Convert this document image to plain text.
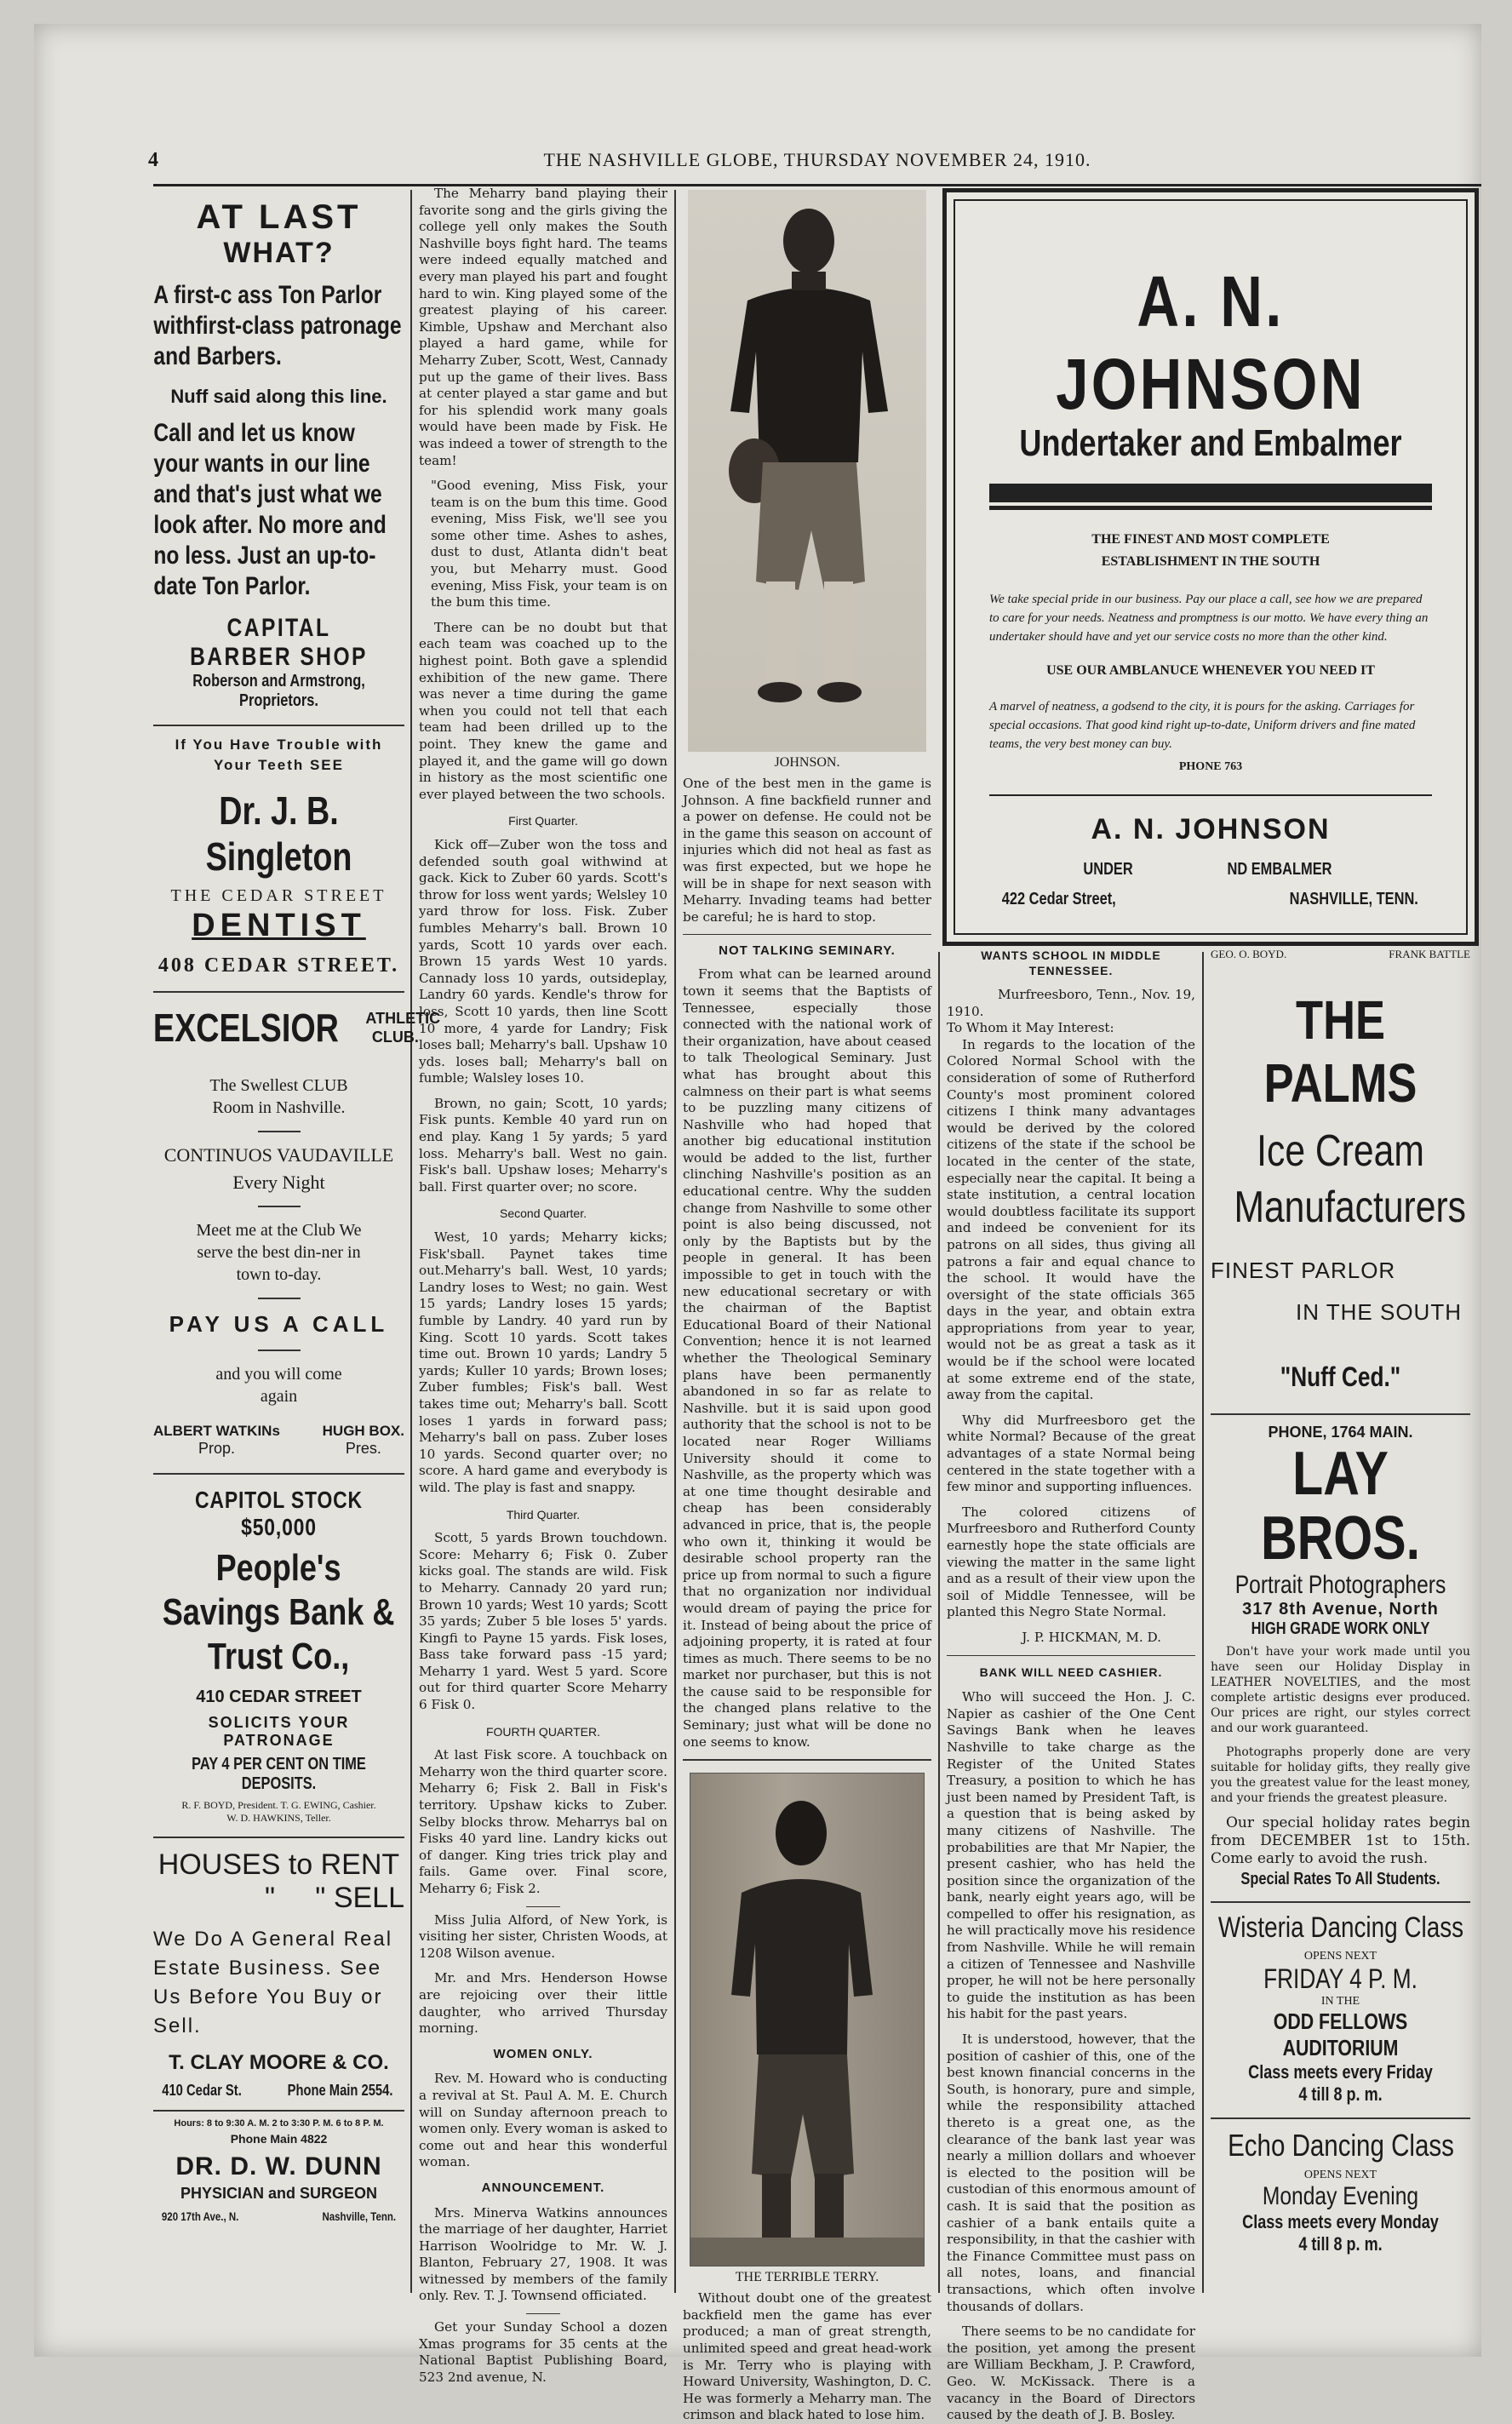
4	THE NASHVILLE GLOBE, THURSDAY NOVEMBER 24, 1910.
AT LAST
WHAT?
A first-c ass Ton Parlor withfirst-class patronage and Barbers.
Nuff said along this line.
Call and let us know your wants in our line and that's just what we look after. No more and no less. Just an up-to-date Ton Parlor.
CAPITAL BARBER SHOP
Roberson and Armstrong, Proprietors.
If You Have Trouble with Your Teeth SEE
Dr. J. B. Singleton
THE CEDAR STREET
DENTIST
408 CEDAR STREET.
EXCELSIOR ATHLETIC CLUB.
The Swellest CLUB Room in Nashville.
CONTINUOS VAUDAVILLE
Every Night
Meet me at the Club We serve the best din-ner in town to-day.
PAY US A CALL
and you will come again
ALBERT WATKINs
Prop.
HUGH BOX.
Pres.
CAPITOL STOCK $50,000
People's Savings Bank & Trust Co.,
410 CEDAR STREET
SOLICITS YOUR PATRONAGE
PAY 4 PER CENT ON TIME DEPOSITS.
R. F. BOYD, President. T. G. EWING, Cashier.
W. D. HAWKINS, Teller.
HOUSES to RENT
"     " SELL
We Do A General Real Estate Business. See Us Before You Buy or Sell.
T. CLAY MOORE & CO.
410 Cedar St.	Phone Main 2554.
Hours: 8 to 9:30 A. M. 2 to 3:30 P. M. 6 to 8 P. M.
Phone Main 4822
DR. D. W. DUNN
PHYSICIAN and SURGEON
920 17th Ave., N.	Nashville, Tenn.

The Meharry band playing their favorite song and the girls giving the college yell only makes the South Nashville boys fight hard. The teams were indeed equally matched and every man played his part and fought hard to win. King played some of the greatest playing of his career. Kimble, Upshaw and Merchant also played a hard game, while for Meharry Zuber, Scott, West, Cannady put up the game of their lives. Bass at center played a star game and but for his splendid work many goals would have been made by Fisk. He was indeed a tower of strength to the team!

"Good evening, Miss Fisk, your team is on the bum this time. Good evening, Miss Fisk, we'll see you some other time. Ashes to ashes, dust to dust, Atlanta didn't beat you, but Meharry must. Good evening, Miss Fisk, your team is on the bum this time.

There can be no doubt but that each team was coached up to the highest point. Both gave a splendid exhibition of the new game. There was never a time during the game when you could not tell that each team had been drilled up to the point. They knew the game and played it, and the game will go down in history as the most scientific one ever played between the two schools.

First Quarter.

Kick off—Zuber won the toss and defended south goal withwind at gack. Kick to Zuber 60 yards. Scott's throw for loss went yards; Welsley 10 yard throw for loss. Fisk. Zuber fumbles Meharry's ball. Brown 10 yards, Scott 10 yards over each. Brown 15 yards West 10 yards. Cannady loss 10 yards, outsideplay, Landry 60 yards. Kendle's throw for loss, Scott 10 yards, then line Scott 10 more, 4 yarde for Landry; Fisk loses ball; Meharry's ball. Upshaw 10 yds. loses ball; Meharry's ball on fumble; Walsley loses 10.

Brown, no gain; Scott, 10 yards; Fisk punts. Kemble 40 yard run on end play. Kang 1 5y yards; 5 yard loss. Meharry's ball. West no gain. Fisk's ball. Upshaw loses; Meharry's ball. First quarter over; no score.

Second Quarter.

West, 10 yards; Meharry kicks; Fisk'sball. Paynet takes time out.Meharry's ball. West, 10 yards; Landry loses to West; no gain. West 15 yards; Landry loses 15 yards; fumble by Landry. 40 yard run by King. Scott 10 yards. Scott takes time out. Brown 10 yards; Landry 5 yards; Kuller 10 yards; Brown loses; Zuber fumbles; Fisk's ball. West takes time out; Meharry's ball. Scott loses 1 yards in forward pass; Meharry's ball on pass. Zuber loses 10 yards. Second quarter over; no score. A hard game and everybody is wild. The play is fast and snappy.

Third Quarter.

Scott, 5 yards Brown touchdown. Score: Meharry 6; Fisk 0. Zuber kicks goal. The stands are wild. Fisk to Meharry. Cannady 20 yard run; Brown 10 yards; West 10 yards; Scott 35 yards; Zuber 5 ble loses 5' yards. Kingfi to Payne 15 yards. Fisk loses, Bass take forward pass -15 yard; Meharry 1 yard. West 5 yard. Score out for third quarter Score Meharry 6 Fisk 0.

FOURTH QUARTER.

At last Fisk score. A touchback on Meharry won the third quarter score. Meharry 6; Fisk 2. Ball in Fisk's territory. Upshaw kicks to Zuber. Selby blocks throw. Meharrys bal on Fisks 40 yard line. Landry kicks out of danger. King tries trick play and fails. Game over. Final score, Meharry 6; Fisk 2.

Miss Julia Alford, of New York, is visiting her sister, Christen Woods, at 1208 Wilson avenue.

Mr. and Mrs. Henderson Howse are rejoicing over their little daughter, who arrived Thursday morning.

WOMEN ONLY.

Rev. M. Howard who is conducting a revival at St. Paul A. M. E. Church will on Sunday afternoon preach to women only. Every woman is asked to come out and hear this wonderful woman.

ANNOUNCEMENT.

Mrs. Minerva Watkins announces the marriage of her daughter, Harriet Harrison Woolridge to Mr. W. J. Blanton, February 27, 1908. It was witnessed by members of the family only. Rev. T. J. Townsend officiated.

Get your Sunday School a dozen Xmas programs for 35 cents at the National Baptist Publishing Board, 523 2nd avenue, N.

JOHNSON.

One of the best men in the game is Johnson. A fine backfield runner and a power on defense. He could not be in the game this season on account of injuries which did not heal as fast as was first expected, but we hope he will be in shape for next season with Meharry. Invading teams had better be careful; he is hard to stop.

NOT TALKING SEMINARY.

From what can be learned around town it seems that the Baptists of Tennessee, especially those connected with the national work of their organization, have about ceased to talk Theological Seminary. Just what has brought about this calmness on their part is what seems to be puzzling many citizens of Nashville who had hoped that another big educational institution would be added to the list, further clinching Nashville's position as an educational centre. Why the sudden change from Nashville to some other point is also being discussed, not only by the Baptists but by the people in general. It has been impossible to get in touch with the new educational secretary or with the chairman of the Baptist Educational Board of their National Convention; hence it is not learned whether the Theological Seminary plans have been permanently abandoned in so far as relate to Nashville. but it is said upon good authority that the school is not to be located near Roger Williams University should it come to Nashville, as the property which was at one time thought desirable and cheap has been considerably advanced in price, that is, the people who own it, thinking it would be desirable school property ran the price up from normal to such a figure that no organization nor individual would dream of paying the price for it. Instead of being about the price of adjoining property, it is rated at four times as much. There seems to be no market nor purchaser, but this is not the cause said to be responsible for the changed plans relative to the Seminary; just what will be done no one seems to know.

THE TERRIBLE TERRY.

Without doubt one of the greatest backfield men the game has ever produced; a man of great strength, unlimited speed and great head-work is Mr. Terry who is playing with Howard University, Washington, D. C. He was formerly a Meharry man. The crimson and black hated to lose him.

A. N. JOHNSON
Undertaker and Embalmer
THE FINEST AND MOST COMPLETE ESTABLISHMENT IN THE SOUTH
We take special pride in our business. Pay our place a call, see how we are prepared to care for your needs. Neatness and promptness is our motto. We have every thing an undertaker should have and yet our service costs no more than the other kind.
USE OUR AMBLANUCE WHENEVER YOU NEED IT
A marvel of neatness, a godsend to the city, it is pours for the asking. Carriages for special occasions. That good kind right up-to-date, Uniform drivers and fine mated teams, the very best money can buy.
PHONE 763
A. N. JOHNSON
UNDER	ND EMBALMER
422 Cedar Street,	NASHVILLE, TENN.
WANTS SCHOOL IN MIDDLE TENNESSEE.

Murfreesboro, Tenn., Nov. 19, 1910.

To Whom it May Interest:

In regards to the location of the Colored Normal School with the consideration of some of Rutherford County's most prominent colored citizens I think many advantages would be derived by the colored citizens of the state if the school be located in the center of the state, especially near the capital. It being a state institution, a central location would doubtless facilitate its support and indeed be convenient for its patrons on all sides, thus giving all patrons a fair and equal chance to the school. It would have the oversight of the state officials 365 days in the year, and obtain extra appropriations from year to year, would not be as great a task as it would be if the school were located at some extreme end of the state, away from the capital.

Why did Murfreesboro get the white Normal? Because of the great advantages of a state Normal being centered in the state together with a few minor and supporting influences.

The colored citizens of Murfreesboro and Rutherford County earnestly hope the state officials are viewing the matter in the same light and as a result of their view upon the soil of Middle Tennessee, will be planted this Negro State Normal.

J. P. HICKMAN, M. D.

BANK WILL NEED CASHIER.

Who will succeed the Hon. J. C. Napier as cashier of the One Cent Savings Bank when he leaves Nashville to take charge as the Register of the United States Treasury, a position to which he has just been named by President Taft, is a question that is being asked by many citizens of Nashville. The probabilities are that Mr Napier, the present cashier, who has held the position since the organization of the bank, nearly eight years ago, will be compelled to offer his resignation, as he will practically move his residence from Nashville. While he will remain a citizen of Tennessee and Nashville proper, he will not be here personally to guide the institution as has been his habit for the past years.

It is understood, however, that the position of cashier of this, one of the best known financial concerns in the South, is honorary, pure and simple, while the responsibility attached thereto is a great one, as the clearance of the bank last year was nearly a million dollars and whoever is elected to the position will be custodian of this enormous amount of cash. It is said that the position as cashier of a bank entails quite a responsibility, in that the cashier with the Finance Committee must pass on all notes, loans, and financial transactions, which often involve thousands of dollars.

There seems to be no candidate for the position, yet among the present are William Beckham, J. P. Crawford, Geo. W. McKissack. There is a vacancy in the Board of Directors caused by the death of J. B. Bosley.

GEO. O. BOYD.	FRANK BATTLE
THE PALMS
Ice Cream Manufacturers
FINEST PARLOR
IN THE SOUTH
"Nuff Ced."
PHONE, 1764 MAIN.
LAY BROS.
Portrait Photographers
317 8th Avenue, North
HIGH GRADE WORK ONLY

Don't have your work made until you have seen our Holiday Display in LEATHER NOVELTIES, and the most complete artistic designs ever produced. Our prices are right, our styles correct and our work guaranteed.

Photographs properly done are very suitable for holiday gifts, they really give you the greatest value for the least money, and your friends the greatest pleasure.

Our special holiday rates begin from DECEMBER 1st to 15th. Come early to avoid the rush.

Special Rates To All Students.
Wisteria Dancing Class
OPENS NEXT
FRIDAY 4 P. M.
IN THE
ODD FELLOWS AUDITORIUM
Class meets every Friday
4 till 8 p. m.
Echo Dancing Class
OPENS NEXT
Monday Evening
Class meets every Monday
4 till 8 p. m.
